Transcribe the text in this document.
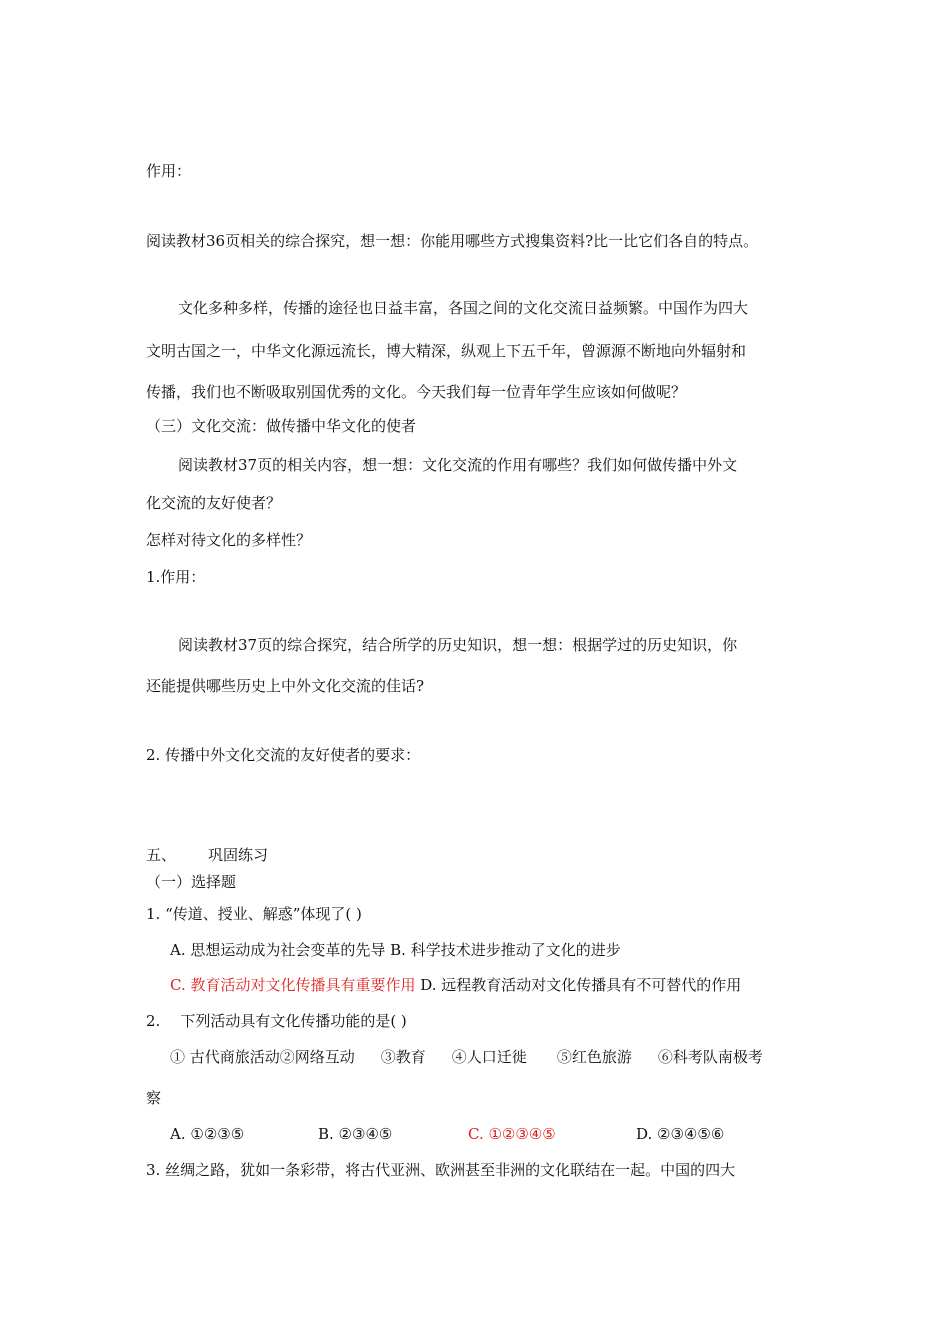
作用：
阅读教材36页相关的综合探究，想一想：你能用哪些方式搜集资料?比一比它们各自的特点。
文化多种多样，传播的途径也日益丰富，各国之间的文化交流日益频繁。中国作为四大
文明古国之一，中华文化源远流长，博大精深，纵观上下五千年，曾源源不断地向外辐射和
传播，我们也不断吸取别国优秀的文化。今天我们每一位青年学生应该如何做呢？
（三）文化交流：做传播中华文化的使者
阅读教材37页的相关内容，想一想：文化交流的作用有哪些？我们如何做传播中外文
化交流的友好使者？
怎样对待文化的多样性？
1.作用：
阅读教材37页的综合探究，结合所学的历史知识，想一想：根据学过的历史知识，你
还能提供哪些历史上中外文化交流的佳话?
2. 传播中外文化交流的友好使者的要求：
五、 巩固练习
（一）选择题
1. “传道、授业、解惑”体现了( )
A. 思想运动成为社会变革的先导 B. 科学技术进步推动了文化的进步
C. 教育活动对文化传播具有重要作用 D. 远程教育活动对文化传播具有不可替代的作用
2. 下列活动具有文化传播功能的是( )
① 古代商旅活动②网络互动 ③教育 ④人口迁徙 ⑤红色旅游 ⑥科考队南极考
察
A. ①②③⑤	B. ②③④⑤	C. ①②③④⑤	D. ②③④⑤⑥
3. 丝绸之路，犹如一条彩带，将古代亚洲、欧洲甚至非洲的文化联结在一起。中国的四大
